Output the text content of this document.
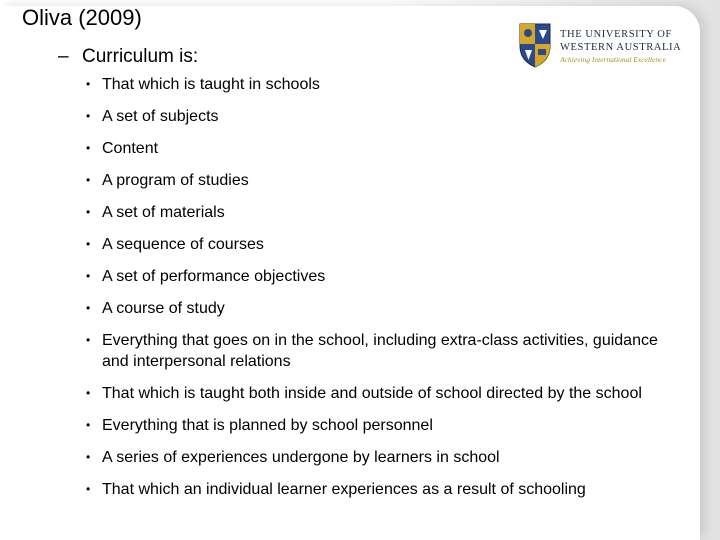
Oliva (2009)
– Curriculum is:
• That which is taught in schools
• A set of subjects
• Content
• A program of studies
• A set of materials
• A sequence of courses
• A set of performance objectives
• A course of study
• Everything that goes on in the school, including extra-class activities, guidance and interpersonal relations
• That which is taught both inside and outside of school directed by the school
• Everything that is planned by school personnel
• A series of experiences undergone by learners in school
• That which an individual learner experiences as a result of schooling
THE UNIVERSITY OF
WESTERN AUSTRALIA
Achieving International Excellence
